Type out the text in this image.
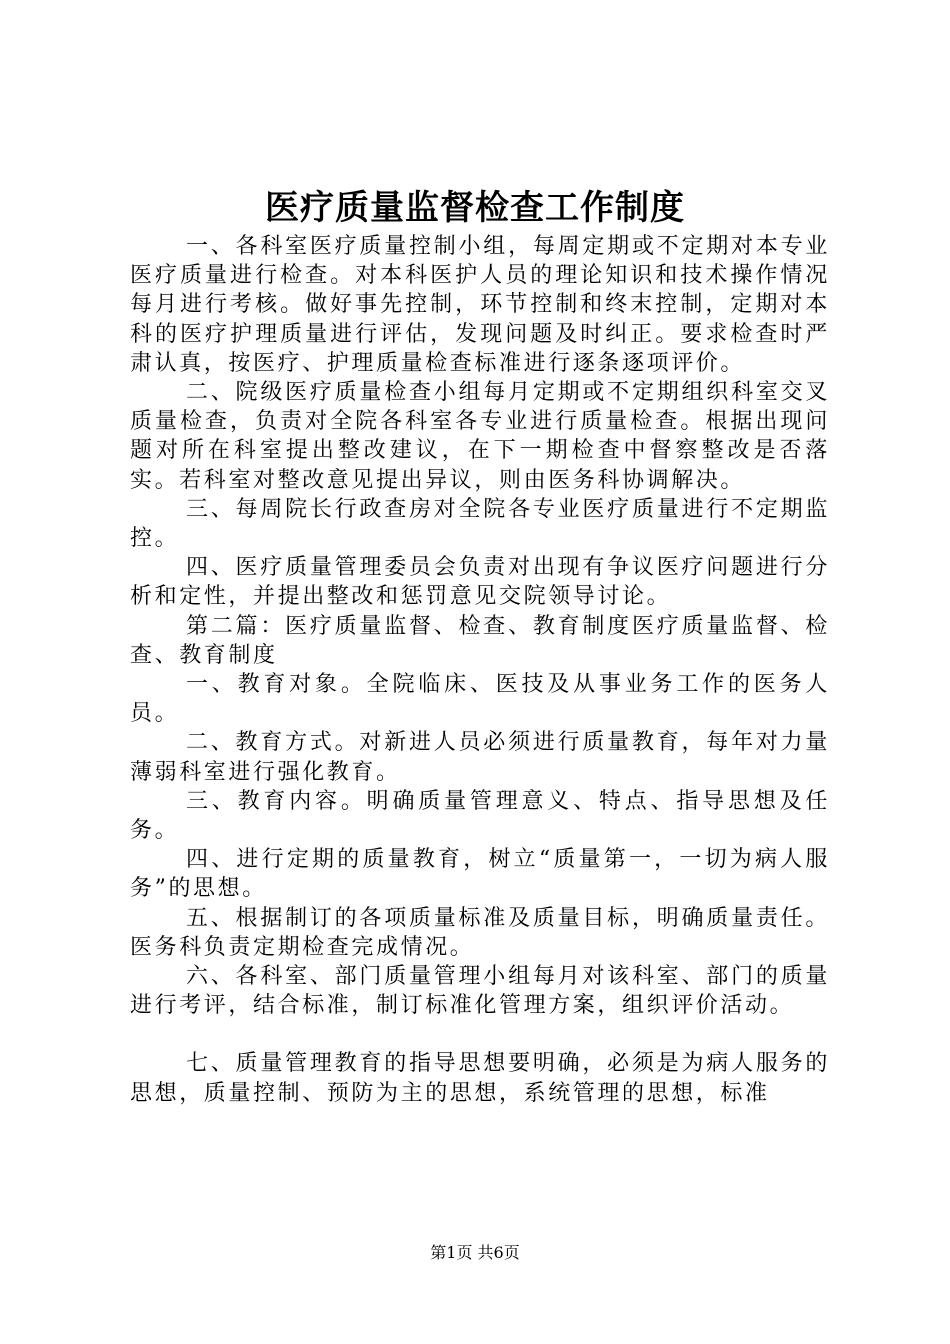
医疗质量监督检查工作制度

一、各科室医疗质量控制小组，每周定期或不定期对本专业医疗质量进行检查。对本科医护人员的理论知识和技术操作情况每月进行考核。做好事先控制，环节控制和终末控制，定期对本科的医疗护理质量进行评估，发现问题及时纠正。要求检查时严肃认真，按医疗、护理质量检查标准进行逐条逐项评价。

二、院级医疗质量检查小组每月定期或不定期组织科室交叉质量检查，负责对全院各科室各专业进行质量检查。根据出现问题对所在科室提出整改建议，在下一期检查中督察整改是否落实。若科室对整改意见提出异议，则由医务科协调解决。

三、每周院长行政查房对全院各专业医疗质量进行不定期监控。

四、医疗质量管理委员会负责对出现有争议医疗问题进行分析和定性，并提出整改和惩罚意见交院领导讨论。

第二篇：医疗质量监督、检查、教育制度医疗质量监督、检查、教育制度

一、教育对象。全院临床、医技及从事业务工作的医务人员。

二、教育方式。对新进人员必须进行质量教育，每年对力量薄弱科室进行强化教育。

三、教育内容。明确质量管理意义、特点、指导思想及任务。

四、进行定期的质量教育，树立“质量第一，一切为病人服务”的思想。

五、根据制订的各项质量标准及质量目标，明确质量责任。医务科负责定期检查完成情况。

六、各科室、部门质量管理小组每月对该科室、部门的质量进行考评，结合标准，制订标准化管理方案，组织评价活动。

七、质量管理教育的指导思想要明确，必须是为病人服务的思想，质量控制、预防为主的思想，系统管理的思想，标准

第1页 共6页
